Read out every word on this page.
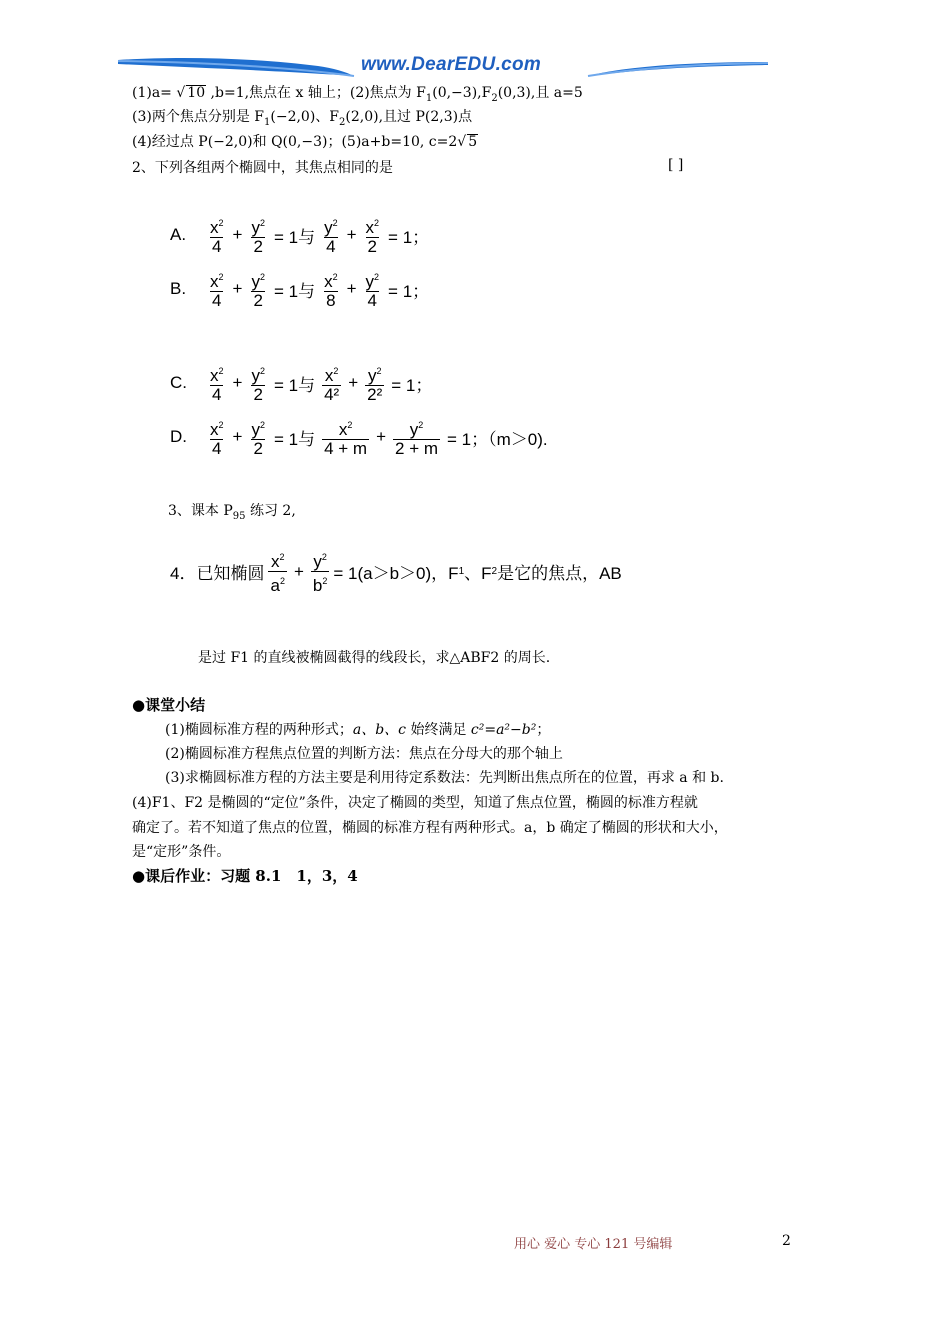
www.DearEDU.com
(1)a= √ 10 ,b=1,焦点在 x 轴上；(2)焦点为 $F_1(0,-3),F_2(0,3)$,且 a=5
(3)两个焦点分别是 $F_1(-2,0)$、$F_2(2,0)$,且过 P(2,3)点
(4)经过点 P(−2,0)和 Q(0,−3)；(5)a+b=10, c=2√ 5
2、下列各组两个椭圆中，其焦点相同的是	[ ]
A.	$\frac{x^2}{4} + \frac{y^2}{2} = 1$与 $\frac{y^2}{4} + \frac{x^2}{2} = 1$；
B.	$\frac{x^2}{4} + \frac{y^2}{2} = 1$与 $\frac{x^2}{8} + \frac{y^2}{4} = 1$；
C.	$\frac{x^2}{4} + \frac{y^2}{2} = 1$与 $\frac{x^2}{\text{4²}} + \frac{y^2}{\text{2²}} = 1$；
D.	$\frac{x^2}{4} + \frac{y^2}{2} = 1$与 $\frac{x^2}{4 + m} + \frac{y^2}{2 + m} = 1$；（m＞0).
3、课本 $P_{95}$ 练习 2,
4．已知椭圆 $\frac{x^2}{a^2} + \frac{y^2}{b^2} = 1(a>b>0)$，F 1 、F 2 是它的焦点，AB
是过 F1 的直线被椭圆截得的线段长，求△ABF2 的周长.
●课堂小结
(1)椭圆标准方程的两种形式；a、b、c 始终满足 c²=a²−b²；
(2)椭圆标准方程焦点位置的判断方法：焦点在分母大的那个轴上
(3)求椭圆标准方程的方法主要是利用待定系数法：先判断出焦点所在的位置，再求 a 和 b.
(4)F1、F2 是椭圆的“定位”条件，决定了椭圆的类型，知道了焦点位置，椭圆的标准方程就
确定了。若不知道了焦点的位置，椭圆的标准方程有两种形式。a，b 确定了椭圆的形状和大小，
是“定形”条件。
●课后作业：习题 8.1　1，3，4
用心 爱心 专心 121 号编辑	2
